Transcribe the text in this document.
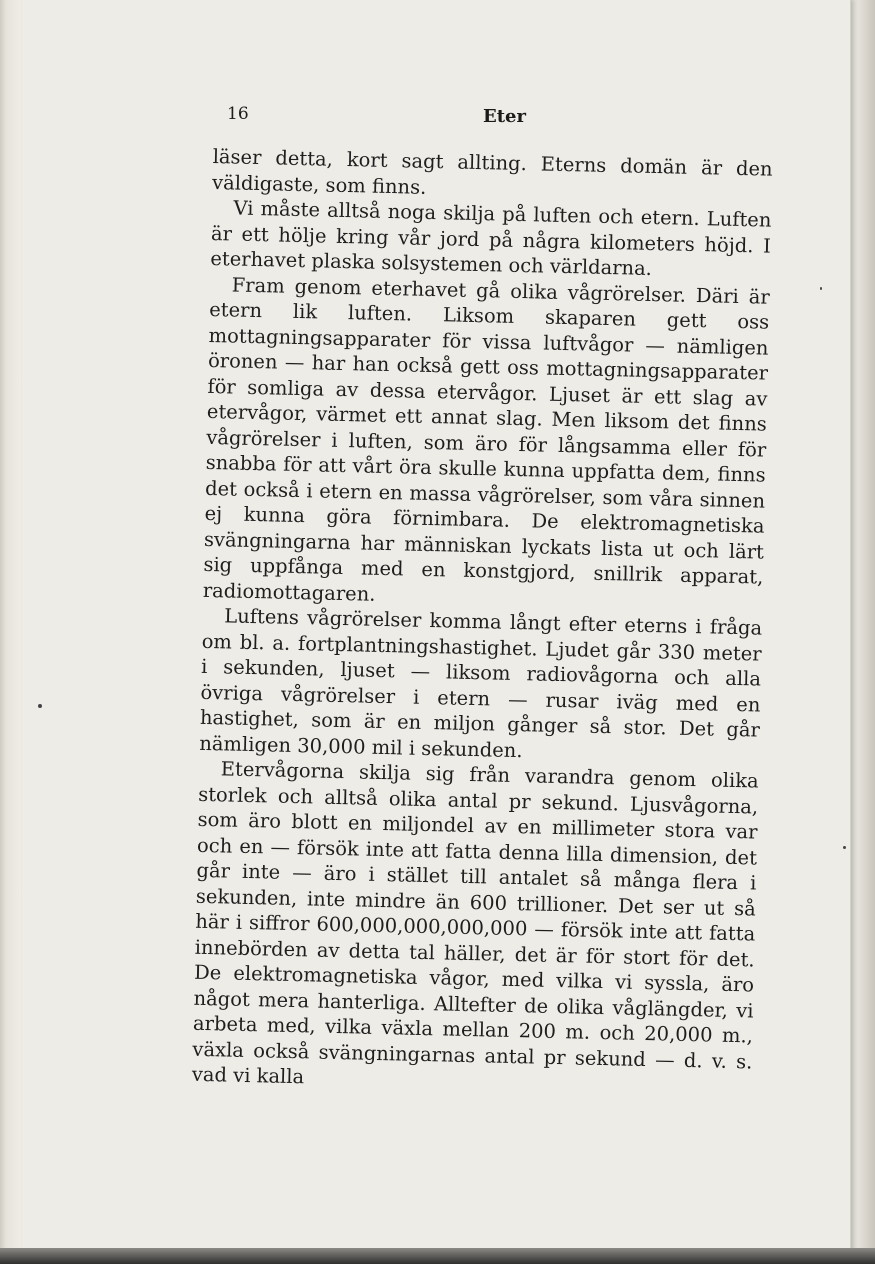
16	Eter

läser detta, kort sagt allting. Eterns domän är den väldigaste, som finns.

Vi måste alltså noga skilja på luften och etern. Luften är ett hölje kring vår jord på några kilometers höjd. I eterhavet plaska solsystemen och världarna.

Fram genom eterhavet gå olika vågrörelser. Däri är etern lik luften. Liksom skaparen gett oss mottagningsapparater för vissa luftvågor — nämligen öronen — har han också gett oss mottagningsapparater för somliga av dessa etervågor. Ljuset är ett slag av etervågor, värmet ett annat slag. Men liksom det finns vågrörelser i luften, som äro för långsamma eller för snabba för att vårt öra skulle kunna uppfatta dem, finns det också i etern en massa vågrörelser, som våra sinnen ej kunna göra förnimbara. De elektromagnetiska svängningarna har människan lyckats lista ut och lärt sig uppfånga med en konstgjord, snillrik apparat, radiomottagaren.

Luftens vågrörelser komma långt efter eterns i fråga om bl. a. fortplantningshastighet. Ljudet går 330 meter i sekunden, ljuset — liksom radiovågorna och alla övriga vågrörelser i etern — rusar iväg med en hastighet, som är en miljon gånger så stor. Det går nämligen 30,000 mil i sekunden.

Etervågorna skilja sig från varandra genom olika storlek och alltså olika antal pr sekund. Ljusvågorna, som äro blott en miljondel av en millimeter stora var och en — försök inte att fatta denna lilla dimension, det går inte — äro i stället till antalet så många flera i sekunden, inte mindre än 600 trillioner. Det ser ut så här i siffror 600,000,000,000,000 — försök inte att fatta innebörden av detta tal häller, det är för stort för det. De elektromagnetiska vågor, med vilka vi syssla, äro något mera hanterliga. Alltefter de olika våglängder, vi arbeta med, vilka växla mellan 200 m. och 20,000 m., växla också svängningarnas antal pr sekund — d. v. s. vad vi kalla
